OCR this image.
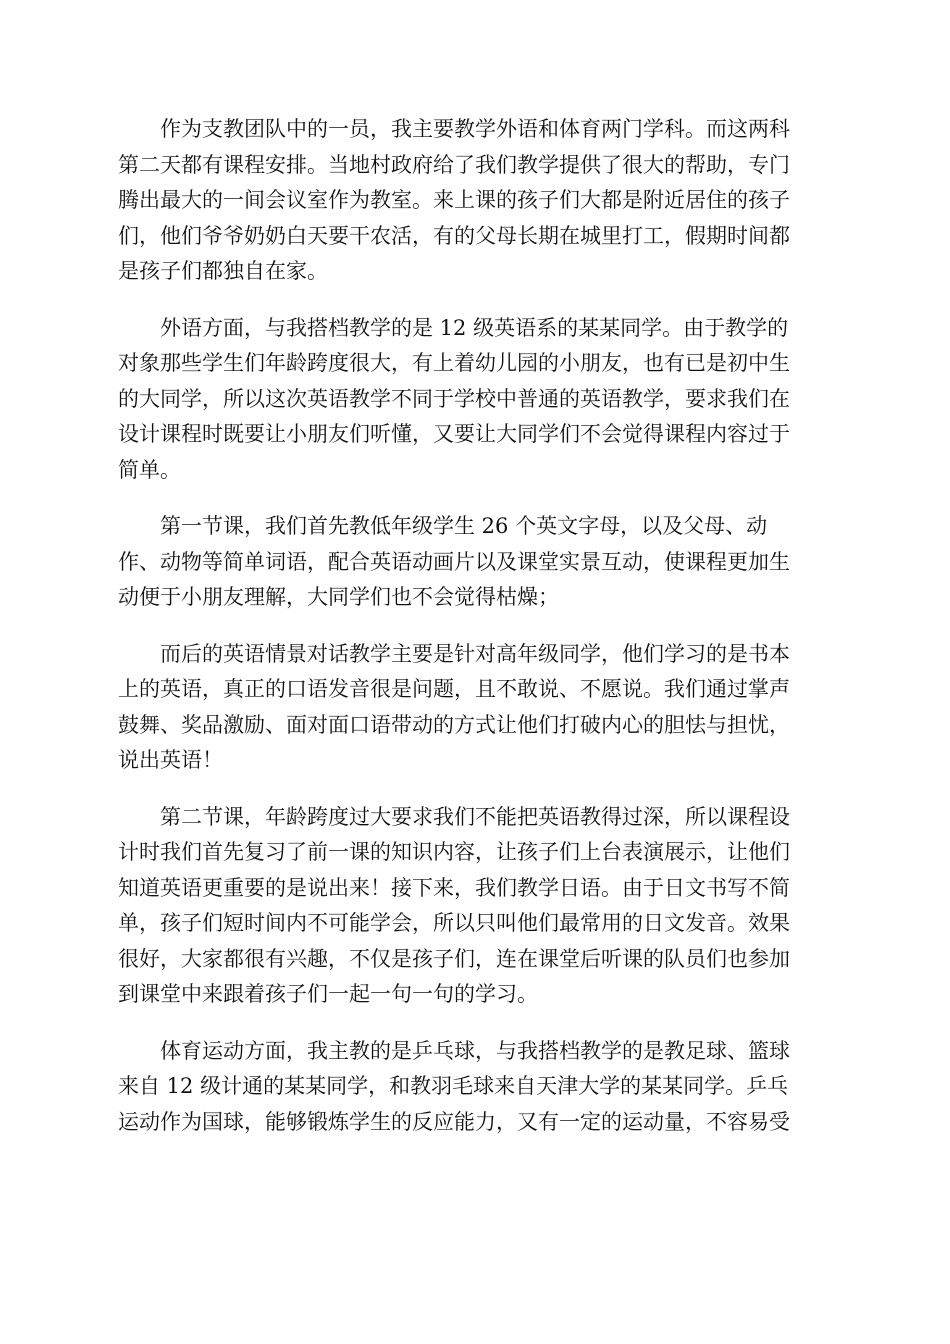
作为支教团队中的一员，我主要教学外语和体育两门学科。而这两科
第二天都有课程安排。当地村政府给了我们教学提供了很大的帮助，专门
腾出最大的一间会议室作为教室。来上课的孩子们大都是附近居住的孩子
们，他们爷爷奶奶白天要干农活，有的父母长期在城里打工，假期时间都
是孩子们都独自在家。
外语方面，与我搭档教学的是 12 级英语系的某某同学。由于教学的
对象那些学生们年龄跨度很大，有上着幼儿园的小朋友，也有已是初中生
的大同学，所以这次英语教学不同于学校中普通的英语教学，要求我们在
设计课程时既要让小朋友们听懂，又要让大同学们不会觉得课程内容过于
简单。
第一节课，我们首先教低年级学生 26 个英文字母，以及父母、动
作、动物等简单词语，配合英语动画片以及课堂实景互动，使课程更加生
动便于小朋友理解，大同学们也不会觉得枯燥；
而后的英语情景对话教学主要是针对高年级同学，他们学习的是书本
上的英语，真正的口语发音很是问题，且不敢说、不愿说。我们通过掌声
鼓舞、奖品激励、面对面口语带动的方式让他们打破内心的胆怯与担忧，
说出英语！
第二节课，年龄跨度过大要求我们不能把英语教得过深，所以课程设
计时我们首先复习了前一课的知识内容，让孩子们上台表演展示，让他们
知道英语更重要的是说出来！接下来，我们教学日语。由于日文书写不简
单，孩子们短时间内不可能学会，所以只叫他们最常用的日文发音。效果
很好，大家都很有兴趣，不仅是孩子们，连在课堂后听课的队员们也参加
到课堂中来跟着孩子们一起一句一句的学习。
体育运动方面，我主教的是乒乓球，与我搭档教学的是教足球、篮球
来自 12 级计通的某某同学，和教羽毛球来自天津大学的某某同学。乒乓
运动作为国球，能够锻炼学生的反应能力，又有一定的运动量，不容易受
